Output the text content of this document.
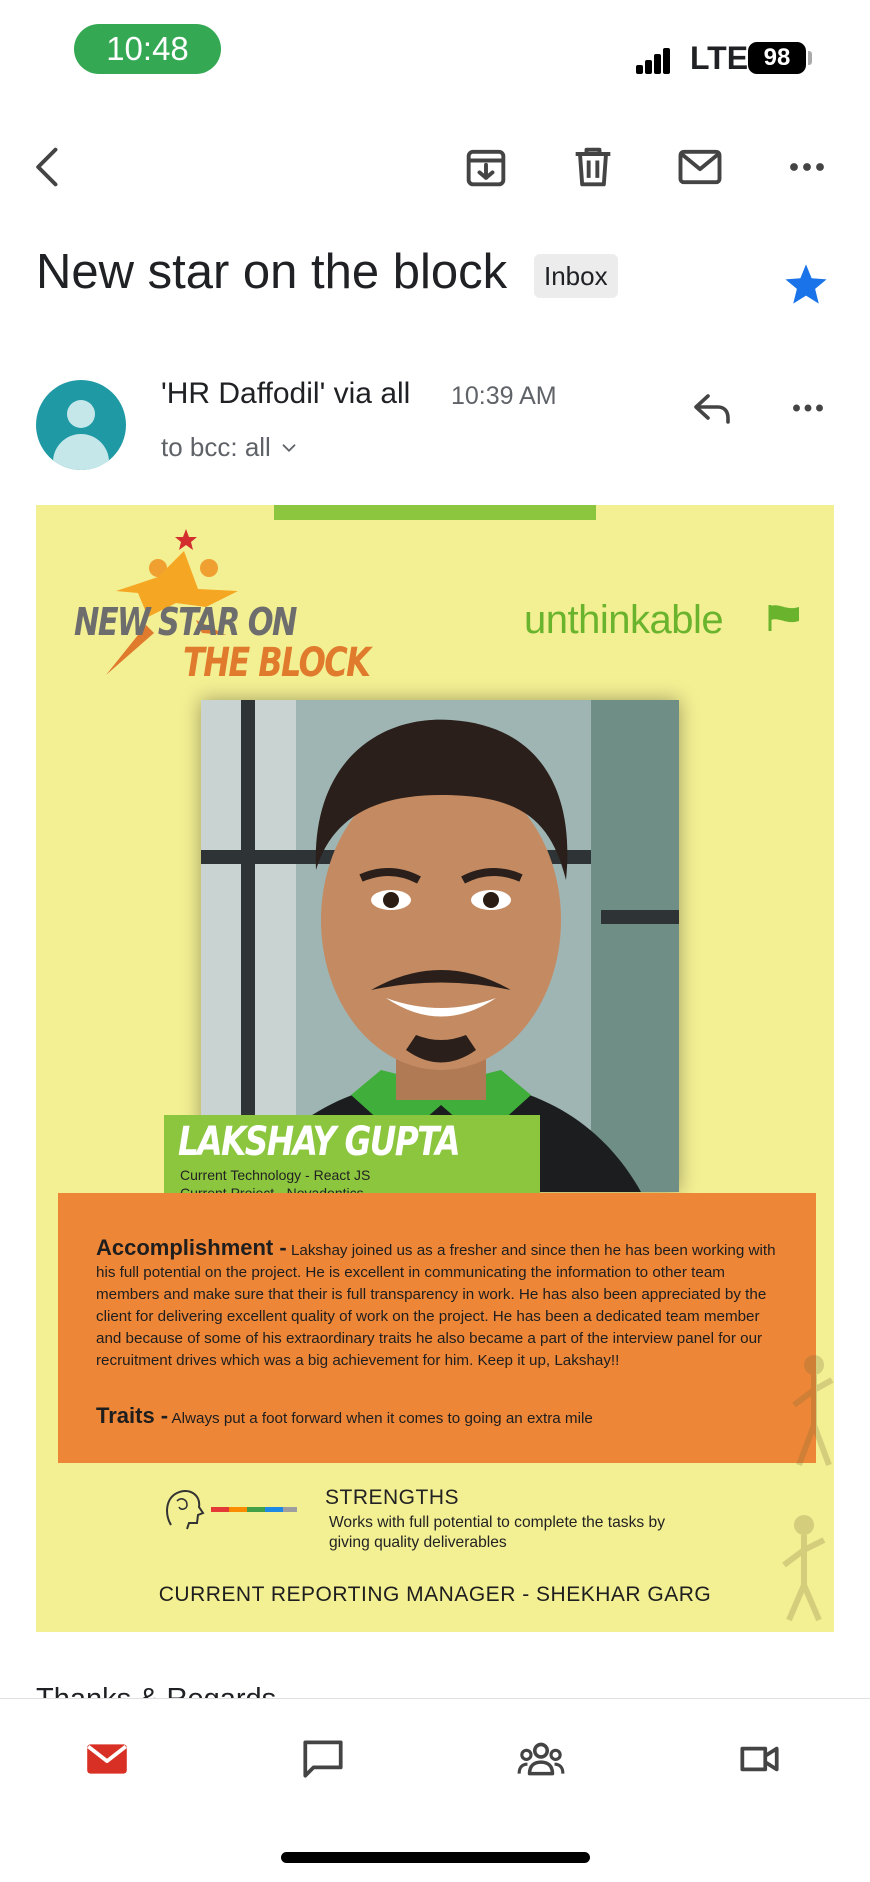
10:48	LTE 98
New star on the block	Inbox
'HR Daffodil' via all 10:39 AM
to bcc: all
NEW STAR ON
THE BLOCK
unthinkable
LAKSHAY GUPTA
Current Technology - React JS
Accomplishment - Lakshay joined us as a fresher and since then he has been working with his full potential on the project. He is excellent in communicating the information to other team members and make sure that their is full transparency in work. He has also been appreciated by the client for delivering excellent quality of work on the project. He has been a dedicated team member and because of some of his extraordinary traits he also became a part of the interview panel for our recruitment drives which was a big achievement for him. Keep it up, Lakshay!!
Traits - Always put a foot forward when it comes to going an extra mile
STRENGTHS
Works with full potential to complete the tasks by giving quality deliverables
CURRENT REPORTING MANAGER - SHEKHAR GARG
